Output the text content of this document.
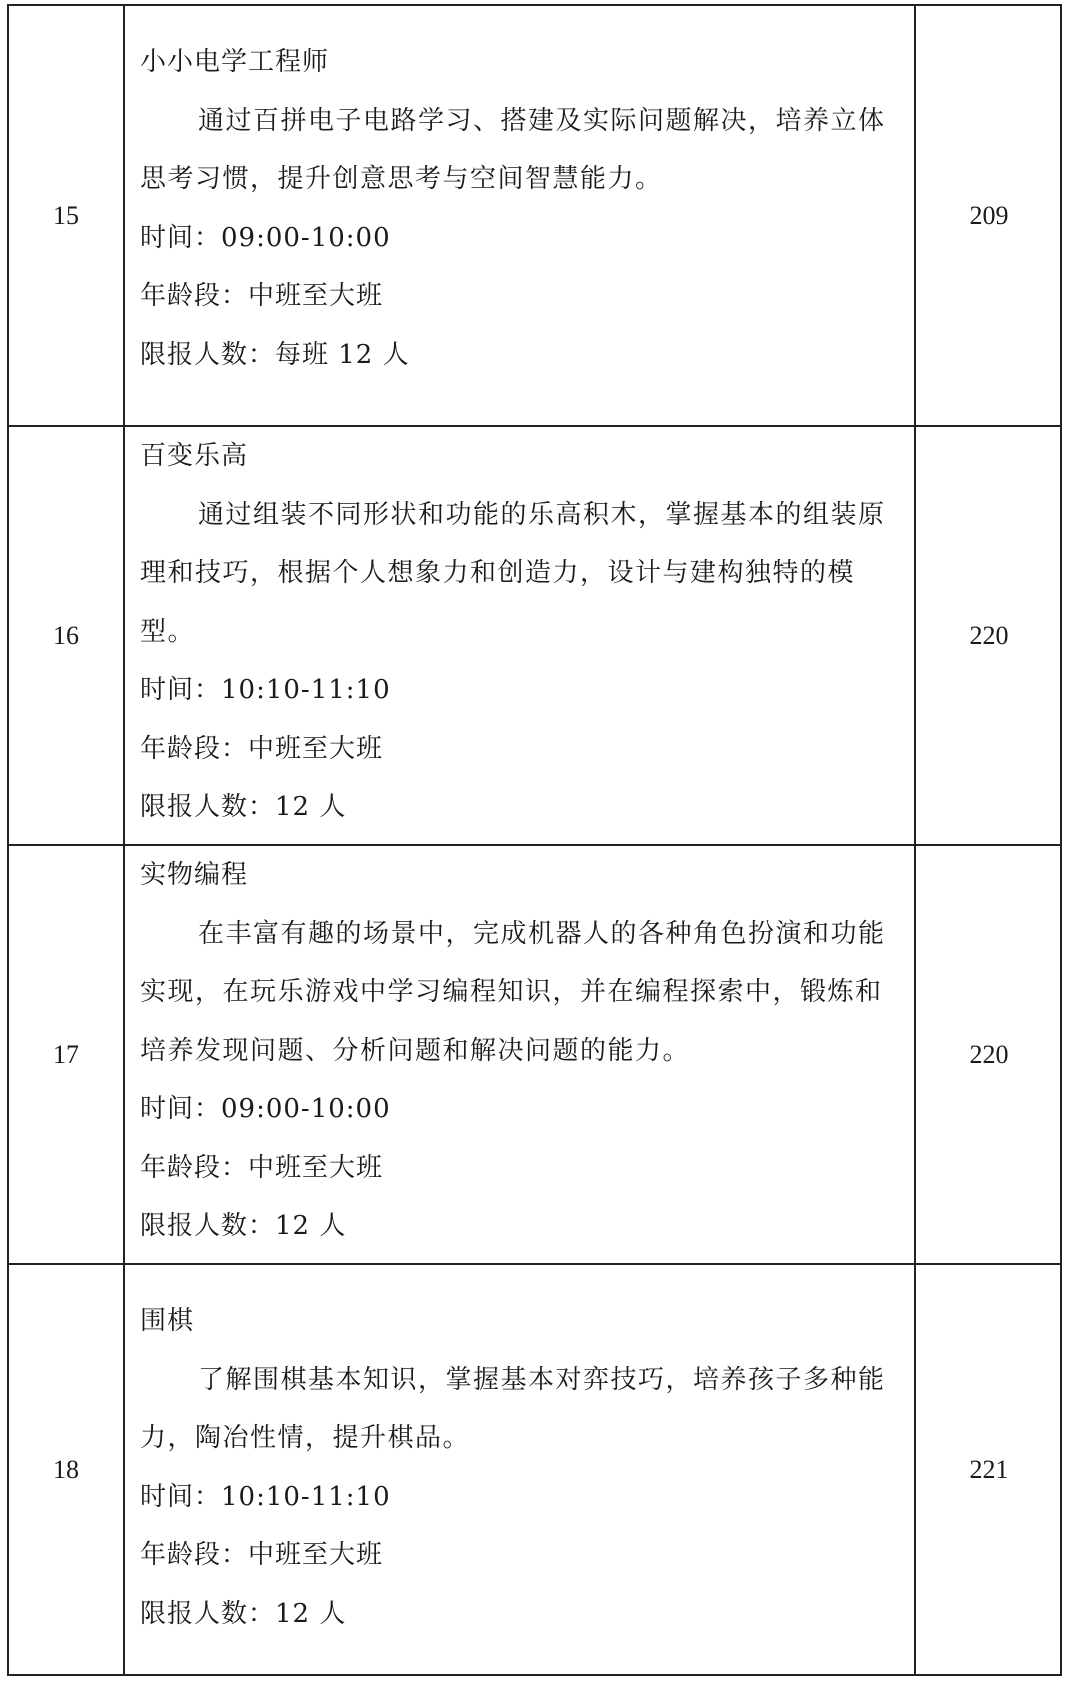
15
小小电学工程师
通过百拼电子电路学习、搭建及实际问题解决，培养立体思考习惯，提升创意思考与空间智慧能力。
时间：09:00-10:00
年龄段：中班至大班
限报人数：每班 12 人
209
16
百变乐高
通过组装不同形状和功能的乐高积木，掌握基本的组装原理和技巧，根据个人想象力和创造力，设计与建构独特的模型。
时间：10:10-11:10
年龄段：中班至大班
限报人数：12 人
220
17
实物编程
在丰富有趣的场景中，完成机器人的各种角色扮演和功能实现，在玩乐游戏中学习编程知识，并在编程探索中，锻炼和培养发现问题、分析问题和解决问题的能力。
时间：09:00-10:00
年龄段：中班至大班
限报人数：12 人
220
18
围棋
了解围棋基本知识，掌握基本对弈技巧，培养孩子多种能力，陶冶性情，提升棋品。
时间：10:10-11:10
年龄段：中班至大班
限报人数：12 人
221
